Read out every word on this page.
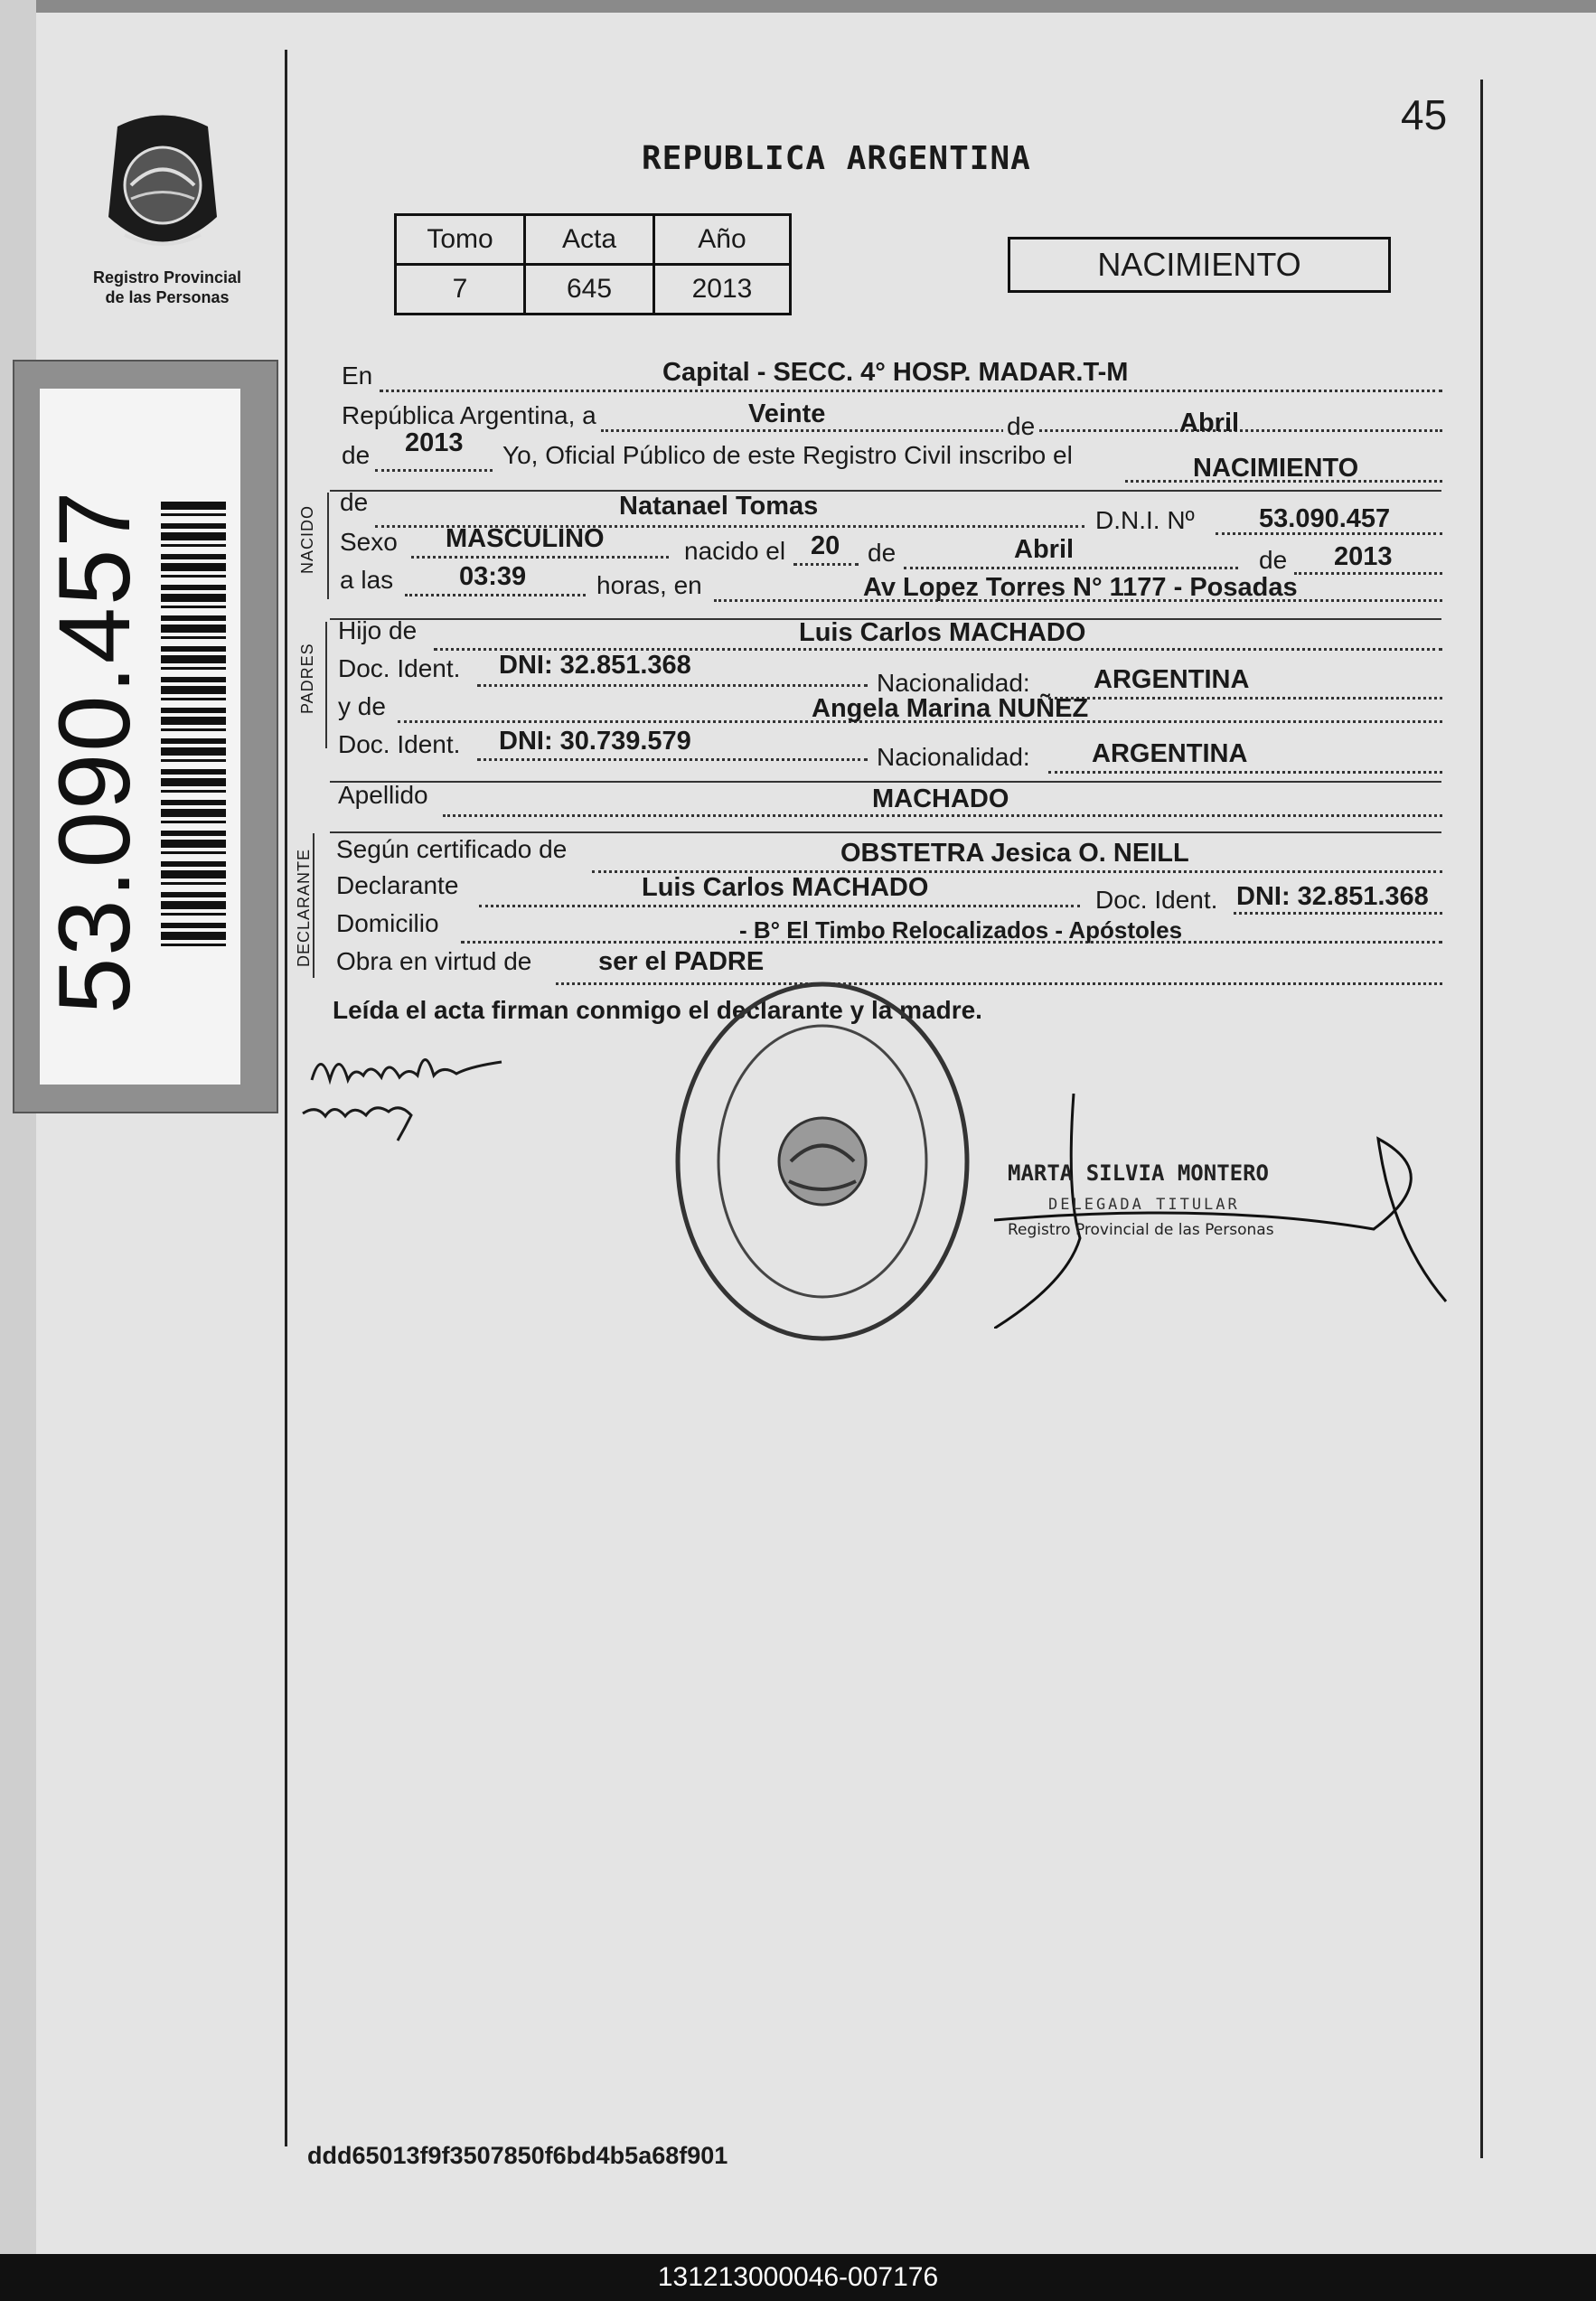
Registro Provincial
de las Personas
53.090.457
45
REPUBLICA ARGENTINA
Tomo	Acta	Año
7	645	2013
NACIMIENTO
En	Capital - SECC. 4° HOSP. MADAR.T-M
República Argentina, a	Veinte	de	Abril
de 2013 Yo, Oficial Público de este Registro Civil inscribo el	NACIMIENTO
NACIDO
de	Natanael Tomas	D.N.I. Nº 53.090.457
Sexo MASCULINO	nacido el 20 de	Abril	de 2013
a las	03:39	horas, en	Av Lopez Torres N° 1177 - Posadas
PADRES
Hijo de	Luis Carlos MACHADO
Doc. Ident. DNI: 32.851.368
Nacionalidad: ARGENTINA
y de	Angela Marina NUÑEZ
Doc. Ident. DNI: 30.739.579
Nacionalidad: ARGENTINA
Apellido	MACHADO
DECLARANTE Según certificado de	OBSTETRA Jesica O. NEILL
Declarante	Luis Carlos MACHADO	Doc. Ident. DNI: 32.851.368
Domicilio	- B° El Timbo Relocalizados - Apóstoles
Obra en virtud de	ser el PADRE
Leída el acta firman conmigo el declarante y la madre.
MARTA SILVIA MONTERO
DELEGADA TITULAR
Registro Provincial de las Personas
ddd65013f9f3507850f6bd4b5a68f901
131213000046-007176
